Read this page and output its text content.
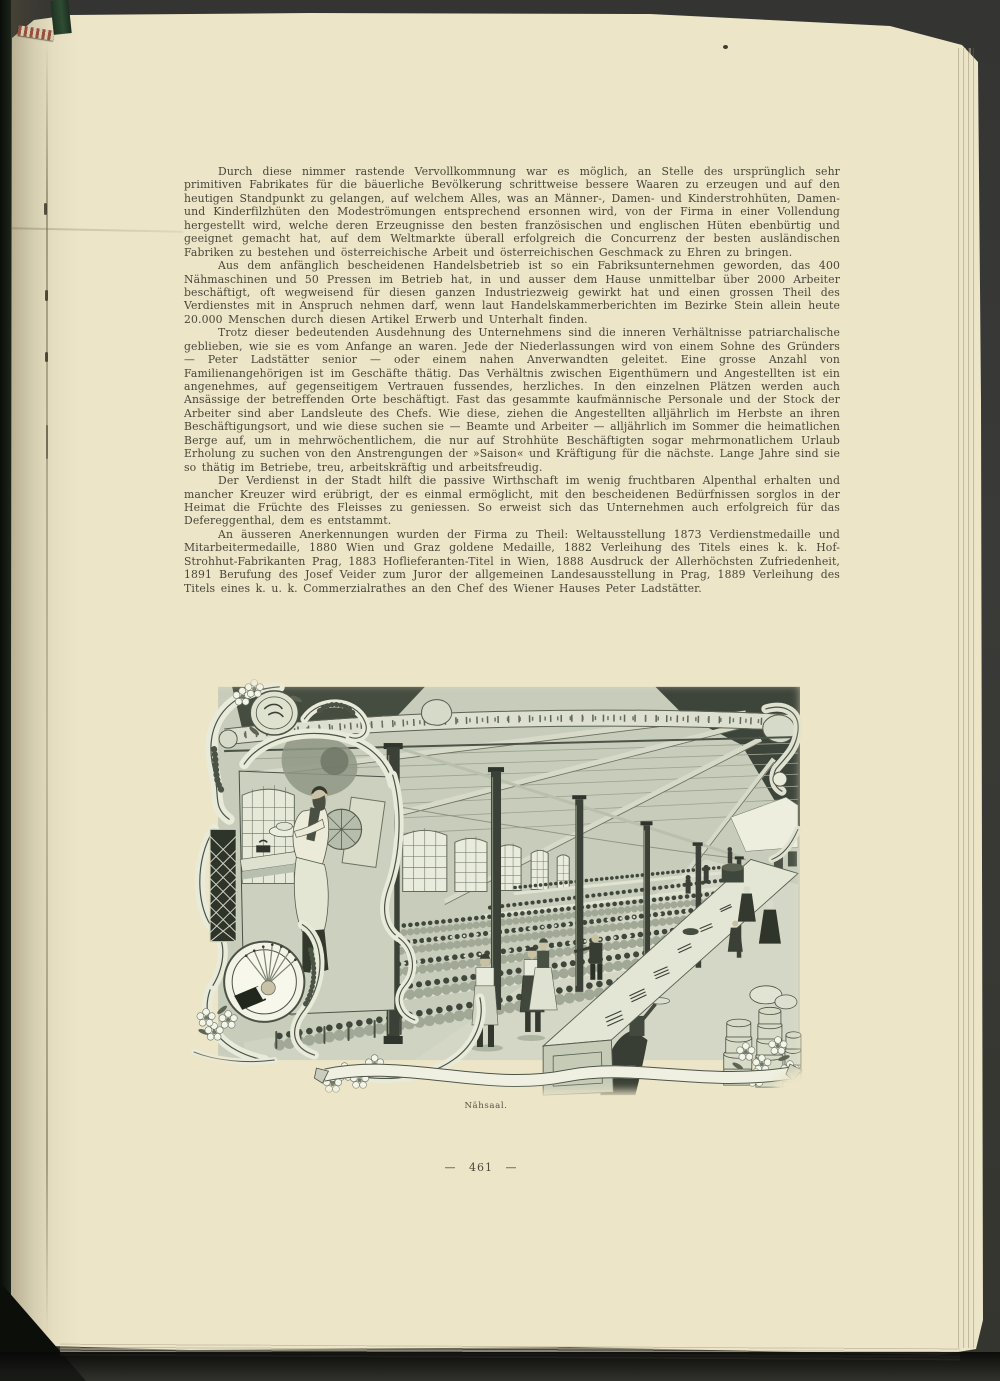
Durch diese nimmer rastende Vervollkommnung war es möglich, an Stelle des ursprünglich sehr primitiven Fabrikates für die bäuerliche Bevölkerung schrittweise bessere Waaren zu erzeugen und auf den heutigen Standpunkt zu gelangen, auf welchem Alles, was an Männer-, Damen- und Kinderstrohhüten, Damen- und Kinderfilzhüten den Modeströmungen entsprechend ersonnen wird, von der Firma in einer Vollendung hergestellt wird, welche deren Erzeugnisse den besten französischen und englischen Hüten ebenbürtig und geeignet gemacht hat, auf dem Weltmarkte überall erfolgreich die Concurrenz der besten ausländischen Fabriken zu bestehen und österreichische Arbeit und österreichischen Geschmack zu Ehren zu bringen.

Aus dem anfänglich bescheidenen Handelsbetrieb ist so ein Fabriksunternehmen geworden, das 400 Nähmaschinen und 50 Pressen im Betrieb hat, in und ausser dem Hause unmittelbar über 2000 Arbeiter beschäftigt, oft wegweisend für diesen ganzen Industriezweig gewirkt hat und einen grossen Theil des Verdienstes mit in Anspruch nehmen darf, wenn laut Handelskammerberichten im Bezirke Stein allein heute 20.000 Menschen durch diesen Artikel Erwerb und Unterhalt finden.

Trotz dieser bedeutenden Ausdehnung des Unternehmens sind die inneren Verhältnisse patriarchalische geblieben, wie sie es vom Anfange an waren. Jede der Niederlassungen wird von einem Sohne des Gründers — Peter Ladstätter senior — oder einem nahen Anverwandten geleitet. Eine grosse Anzahl von Familienangehörigen ist im Geschäfte thätig. Das Verhältnis zwischen Eigenthümern und Angestellten ist ein angenehmes, auf gegenseitigem Vertrauen fussendes, herzliches. In den einzelnen Plätzen werden auch Ansässige der betreffenden Orte beschäftigt. Fast das gesammte kaufmännische Personale und der Stock der Arbeiter sind aber Landsleute des Chefs. Wie diese, ziehen die Angestellten alljährlich im Herbste an ihren Beschäftigungsort, und wie diese suchen sie — Beamte und Arbeiter — alljährlich im Sommer die heimatlichen Berge auf, um in mehrwöchentlichem, die nur auf Strohhüte Beschäftigten sogar mehrmonatlichem Urlaub Erholung zu suchen von den Anstrengungen der »Saison« und Kräftigung für die nächste. Lange Jahre sind sie so thätig im Betriebe, treu, arbeitskräftig und arbeitsfreudig.

Der Verdienst in der Stadt hilft die passive Wirthschaft im wenig fruchtbaren Alpenthal erhalten und mancher Kreuzer wird erübrigt, der es einmal ermöglicht, mit den bescheidenen Bedürfnissen sorglos in der Heimat die Früchte des Fleisses zu geniessen. So erweist sich das Unternehmen auch erfolgreich für das Defereggenthal, dem es entstammt.

An äusseren Anerkennungen wurden der Firma zu Theil: Weltausstellung 1873 Verdienstmedaille und Mitarbeitermedaille, 1880 Wien und Graz goldene Medaille, 1882 Verleihung des Titels eines k. k. Hof-Strohhut-Fabrikanten Prag, 1883 Hoflieferanten-Titel in Wien, 1888 Ausdruck der Allerhöchsten Zufriedenheit, 1891 Berufung des Josef Veider zum Juror der allgemeinen Landesausstellung in Prag, 1889 Verleihung des Titels eines k. u. k. Commerzialrathes an den Chef des Wiener Hauses Peter Ladstätter.

Nähsaal.
— 461 —
